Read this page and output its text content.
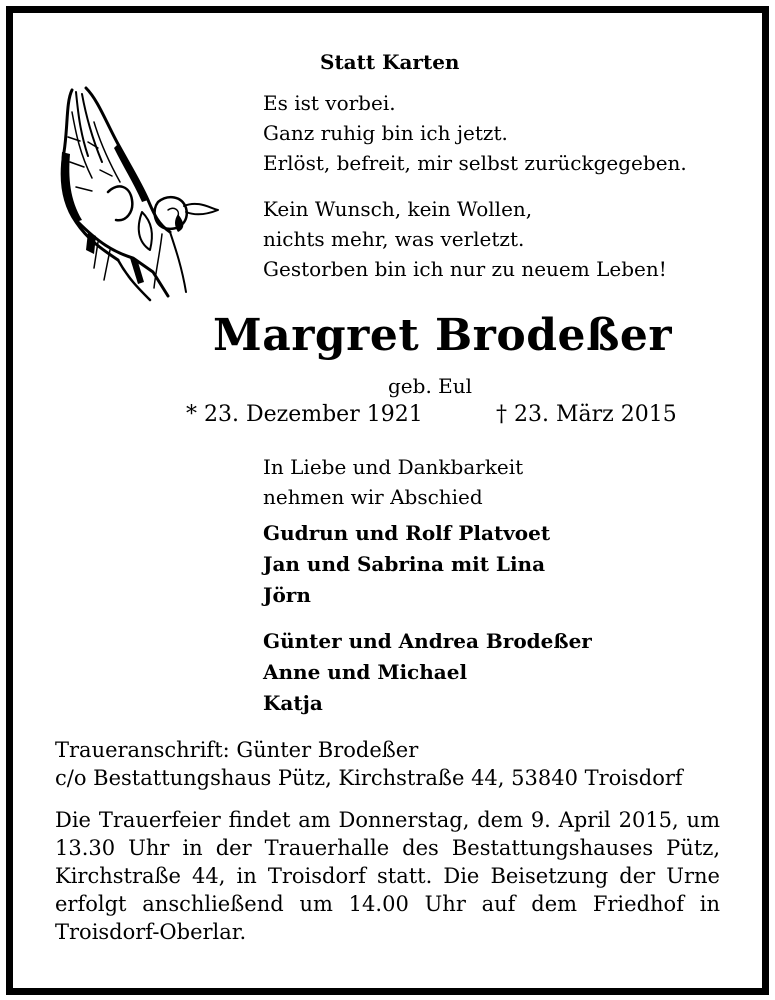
Statt Karten
Es ist vorbei.
Ganz ruhig bin ich jetzt.
Erlöst, befreit, mir selbst zurückgegeben.
Kein Wunsch, kein Wollen,
nichts mehr, was verletzt.
Gestorben bin ich nur zu neuem Leben!
Margret Brodeßer
geb. Eul
* 23. Dezember 1921	† 23. März 2015
In Liebe und Dankbarkeit
nehmen wir Abschied
Gudrun und Rolf Platvoet
Jan und Sabrina mit Lina
Jörn
Günter und Andrea Brodeßer
Anne und Michael
Katja
Traueranschrift: Günter Brodeßer
c/o Bestattungshaus Pütz, Kirchstraße 44, 53840 Troisdorf
Die Trauerfeier findet am Donnerstag, dem 9. April 2015, um 13.30 Uhr in der Trauerhalle des Bestattungshauses Pütz, Kirchstraße 44, in Troisdorf statt. Die Beisetzung der Urne erfolgt anschließend um 14.00 Uhr auf dem Friedhof in Troisdorf-Oberlar.
